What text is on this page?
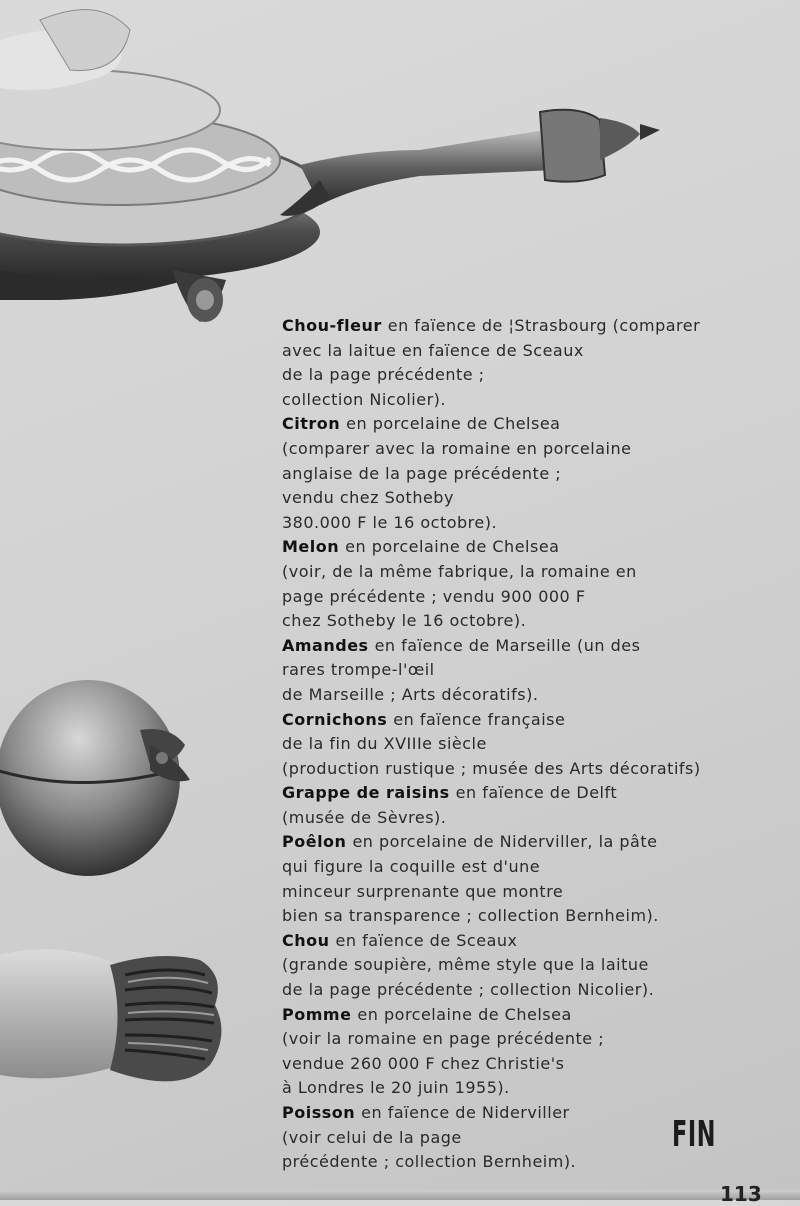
Chou-fleur en faïence de ¦Strasbourg (comparer
avec la laitue en faïence de Sceaux
de la page précédente ;
collection Nicolier).
Citron en porcelaine de Chelsea
(comparer avec la romaine en porcelaine
anglaise de la page précédente ;
vendu chez Sotheby
380.000 F le 16 octobre).
Melon en porcelaine de Chelsea
(voir, de la même fabrique, la romaine en
page précédente ; vendu 900 000 F
chez Sotheby le 16 octobre).
Amandes en faïence de Marseille (un des
rares trompe-l'œil
de Marseille ; Arts décoratifs).
Cornichons en faïence française
de la fin du XVIIIe siècle
(production rustique ; musée des Arts décoratifs)
Grappe de raisins en faïence de Delft
(musée de Sèvres).
Poêlon en porcelaine de Niderviller, la pâte
qui figure la coquille est d'une
minceur surprenante que montre
bien sa transparence ; collection Bernheim).
Chou en faïence de Sceaux
(grande soupière, même style que la laitue
de la page précédente ; collection Nicolier).
Pomme en porcelaine de Chelsea
(voir la romaine en page précédente ;
vendue 260 000 F chez Christie's
à Londres le 20 juin 1955).
Poisson en faïence de Niderviller
(voir celui de la page
précédente ; collection Bernheim).
FIN
113
